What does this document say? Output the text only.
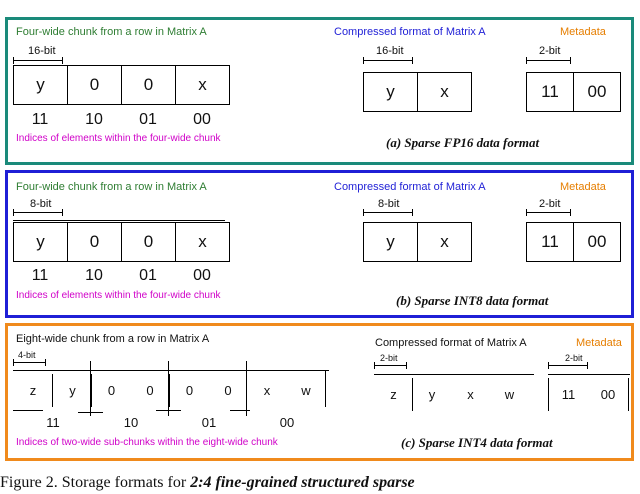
Four-wide chunk from a row in Matrix A
16-bit
y	0	0	x
11	10	01	00
Indices of elements within the four-wide chunk
Compressed format of Matrix A
16-bit
y	x
Metadata
2-bit
11	00
(a) Sparse FP16 data format
Four-wide chunk from a row in Matrix A
8-bit
y	0	0	x
11	10	01	00
Indices of elements within the four-wide chunk
Compressed format of Matrix A
8-bit
y	x
Metadata
2-bit
11	00
(b) Sparse INT8 data format
Eight-wide chunk from a row in Matrix A
4-bit
z	y	0	0	0	0	x	w
11	10	01	00
Indices of two-wide sub-chunks within the eight-wide chunk
Compressed format of Matrix A
2-bit
z	y	x	w
Metadata
2-bit
11	00
(c) Sparse INT4 data format
Figure 2. Storage formats for 2:4 fine-grained structured sparse
